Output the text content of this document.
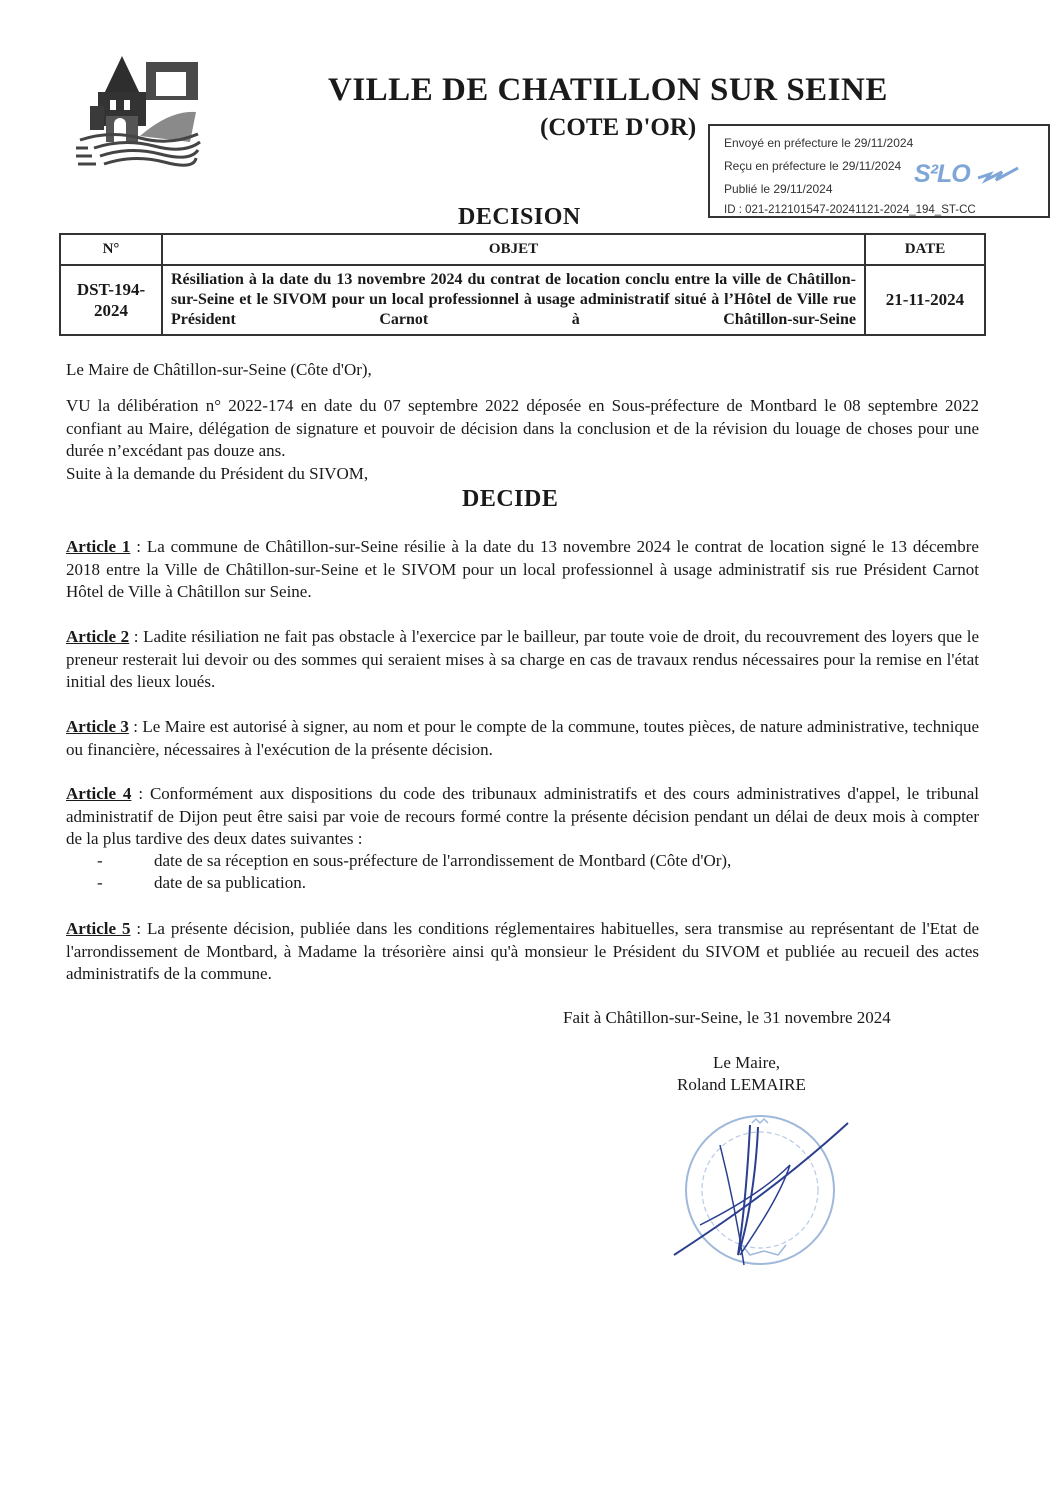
VILLE DE CHATILLON SUR SEINE
(COTE D'OR)
Envoyé en préfecture le 29/11/2024
Reçu en préfecture le 29/11/2024
Publié le 29/11/2024
ID : 021-212101547-20241121-2024_194_ST-CC
S²LO
DECISION
N°	OBJET	DATE
DST-194-2024	Résiliation à la date du 13 novembre 2024 du contrat de location conclu entre la ville de Châtillon-sur-Seine et le SIVOM pour un local professionnel à usage administratif situé à l’Hôtel de Ville rue Président Carnot à Châtillon-sur-Seine	21-11-2024
Le Maire de Châtillon-sur-Seine (Côte d'Or),
VU la délibération n° 2022-174 en date du 07 septembre 2022 déposée en Sous-préfecture de Montbard le 08 septembre 2022 confiant au Maire, délégation de signature et pouvoir de décision dans la conclusion et de la révision du louage de choses pour une durée n’excédant pas douze ans.
Suite à la demande du Président du SIVOM,
DECIDE
Article 1 : La commune de Châtillon-sur-Seine résilie à la date du 13 novembre 2024 le contrat de location signé le 13 décembre 2018 entre la Ville de Châtillon-sur-Seine et le SIVOM pour un local professionnel à usage administratif sis rue Président Carnot Hôtel de Ville à Châtillon sur Seine.
Article 2 : Ladite résiliation ne fait pas obstacle à l'exercice par le bailleur, par toute voie de droit, du recouvrement des loyers que le preneur resterait lui devoir ou des sommes qui seraient mises à sa charge en cas de travaux rendus nécessaires pour la remise en l'état initial des lieux loués.
Article 3 : Le Maire est autorisé à signer, au nom et pour le compte de la commune, toutes pièces, de nature administrative, technique ou financière, nécessaires à l'exécution de la présente décision.
Article 4 : Conformément aux dispositions du code des tribunaux administratifs et des cours administratives d'appel, le tribunal administratif de Dijon peut être saisi par voie de recours formé contre la présente décision pendant un délai de deux mois à compter de la plus tardive des deux dates suivantes :
-	date de sa réception en sous-préfecture de l'arrondissement de Montbard (Côte d'Or),
-	date de sa publication.
Article 5 : La présente décision, publiée dans les conditions réglementaires habituelles, sera transmise au représentant de l'Etat de l'arrondissement de Montbard, à Madame la trésorière ainsi qu'à monsieur le Président du SIVOM et publiée au recueil des actes administratifs de la commune.
Fait à Châtillon-sur-Seine, le 31 novembre 2024
Le Maire,
Roland LEMAIRE
